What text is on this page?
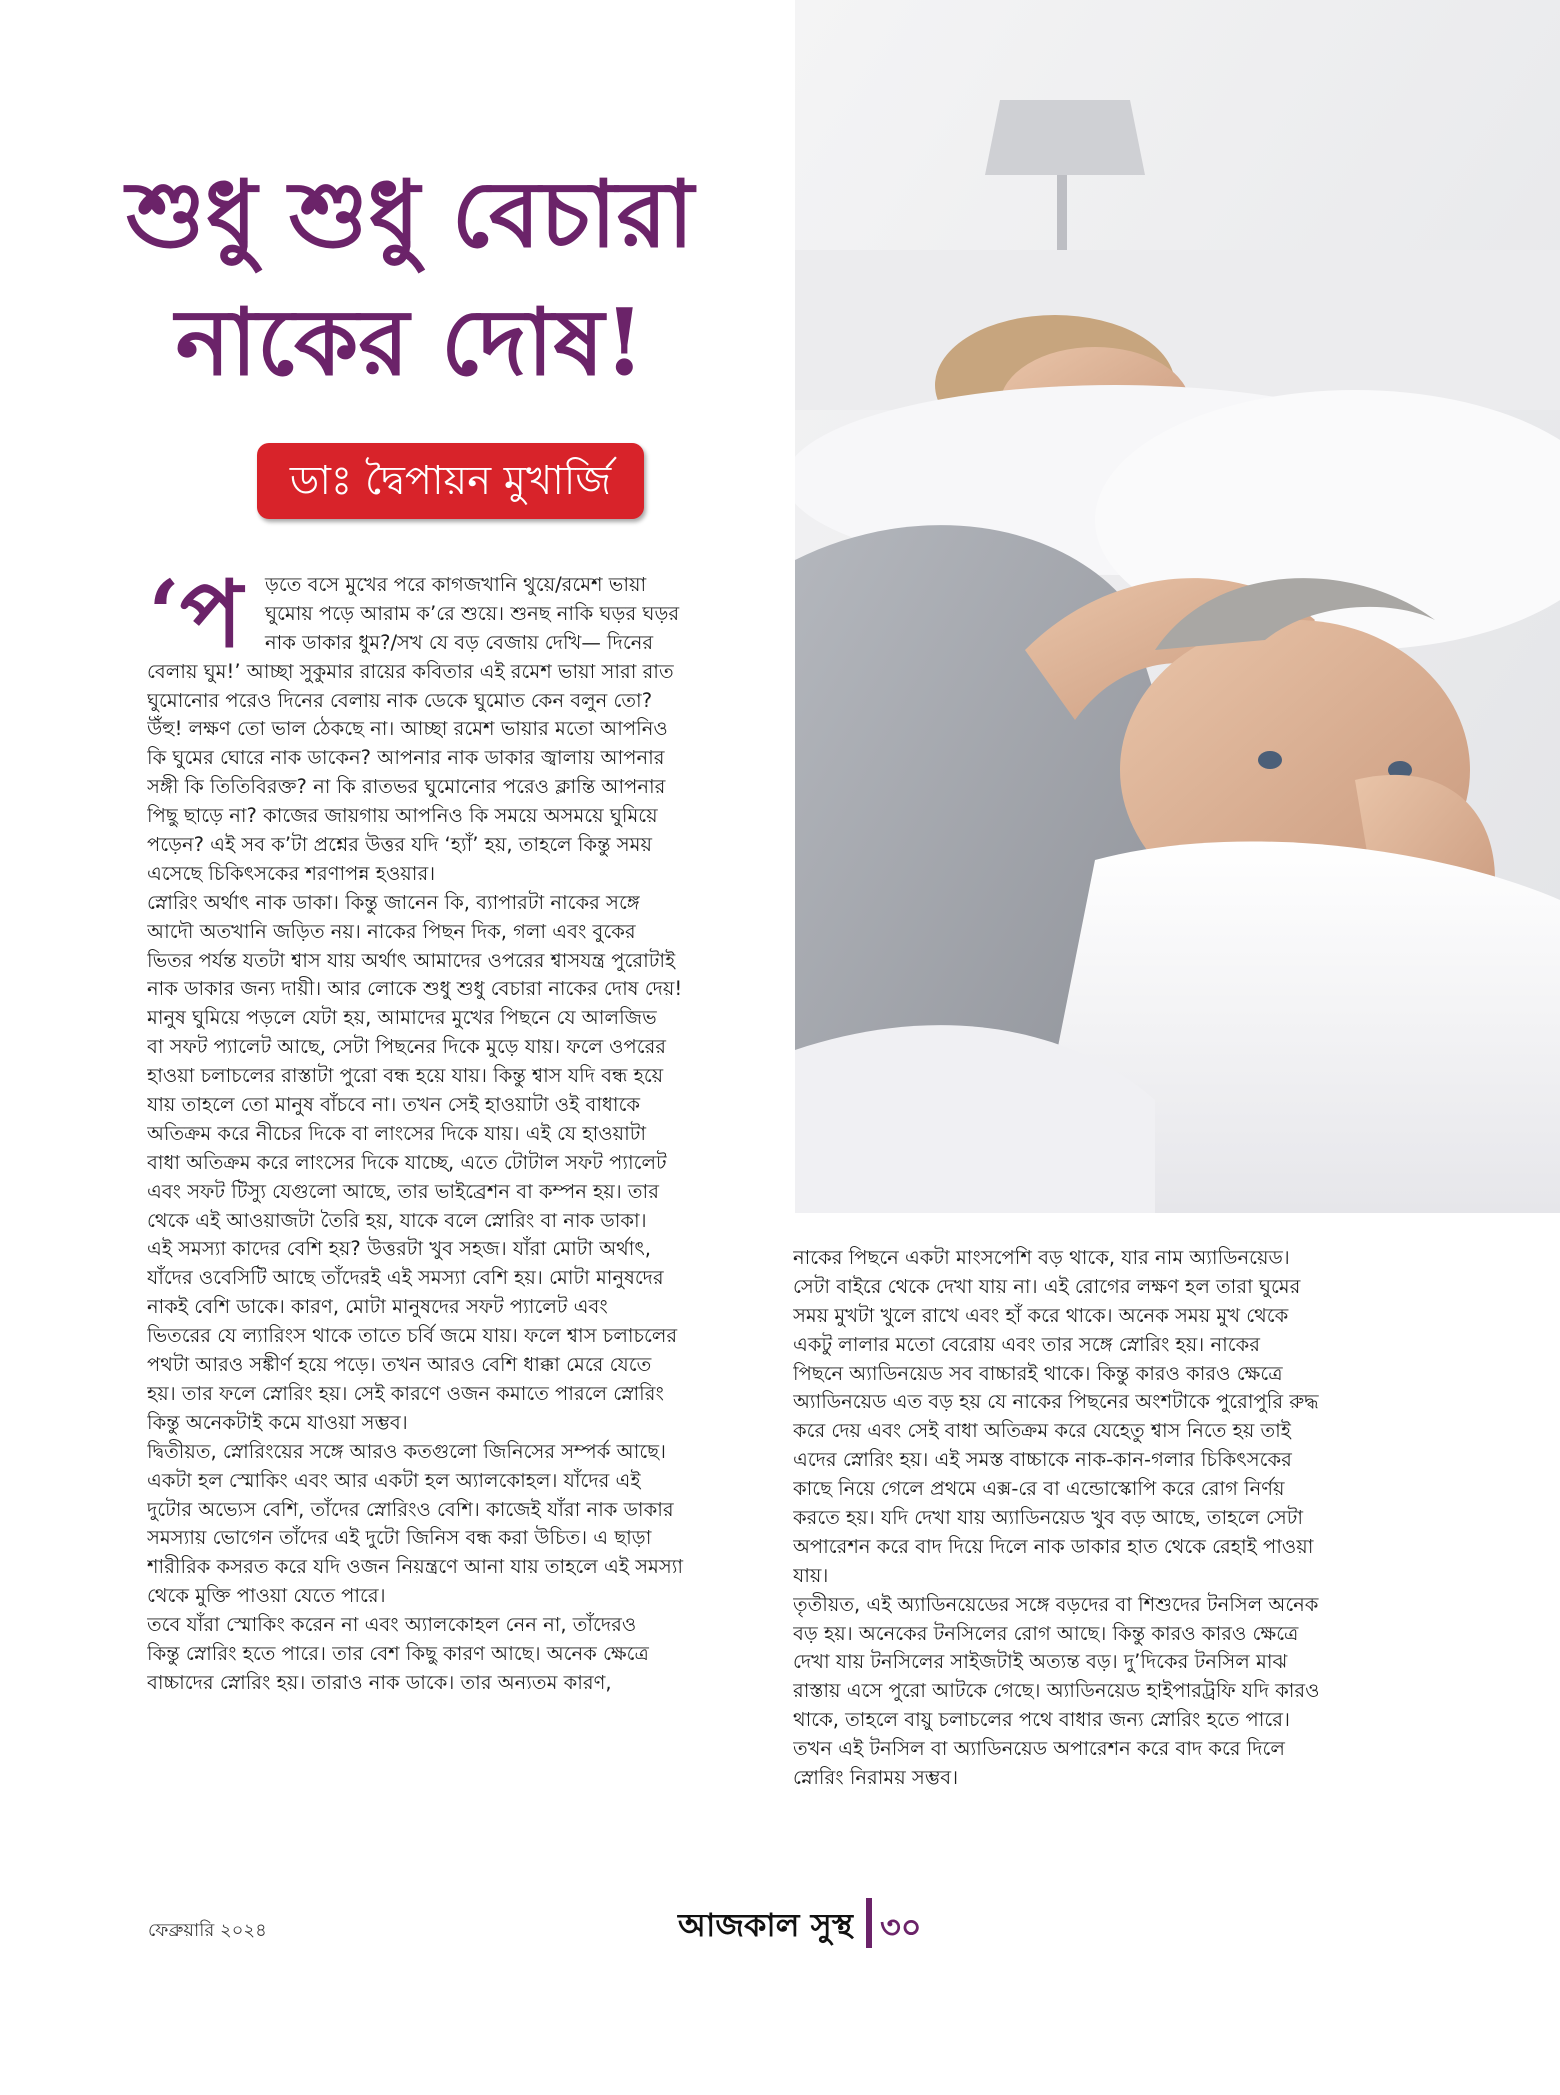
শুধু শুধু বেচারা
নাকের দোষ!
ডাঃ দ্বৈপায়ন মুখার্জি
‘প	ড়তে বসে মুখের পরে কাগজখানি থুয়ে/রমেশ ভায়া
ঘুমোয় পড়ে আরাম ক’রে শুয়ে। শুনছ নাকি ঘড়র ঘড়র
নাক ডাকার ধুম?/সখ যে বড় বেজায় দেখি— দিনের
বেলায় ঘুম!’ আচ্ছা সুকুমার রায়ের কবিতার এই রমেশ ভায়া সারা রাত
ঘুমোনোর পরেও দিনের বেলায় নাক ডেকে ঘুমোত কেন বলুন তো?
উঁহু! লক্ষণ তো ভাল ঠেকছে না। আচ্ছা রমেশ ভায়ার মতো আপনিও
কি ঘুমের ঘোরে নাক ডাকেন? আপনার নাক ডাকার জ্বালায় আপনার
সঙ্গী কি তিতিবিরক্ত? না কি রাতভর ঘুমোনোর পরেও ক্লান্তি আপনার
পিছু ছাড়ে না? কাজের জায়গায় আপনিও কি সময়ে অসময়ে ঘুমিয়ে
পড়েন? এই সব ক’টা প্রশ্নের উত্তর যদি ‘হ্যাঁ’ হয়, তাহলে কিন্তু সময়
এসেছে চিকিৎসকের শরণাপন্ন হওয়ার।
স্নোরিং অর্থাৎ নাক ডাকা। কিন্তু জানেন কি, ব্যাপারটা নাকের সঙ্গে
আদৌ অতখানি জড়িত নয়। নাকের পিছন দিক, গলা এবং বুকের
ভিতর পর্যন্ত যতটা শ্বাস যায় অর্থাৎ আমাদের ওপরের শ্বাসযন্ত্র পুরোটাই
নাক ডাকার জন্য দায়ী। আর লোকে শুধু শুধু বেচারা নাকের দোষ দেয়!
মানুষ ঘুমিয়ে পড়লে যেটা হয়, আমাদের মুখের পিছনে যে আলজিভ
বা সফট প্যালেট আছে, সেটা পিছনের দিকে মুড়ে যায়। ফলে ওপরের
হাওয়া চলাচলের রাস্তাটা পুরো বন্ধ হয়ে যায়। কিন্তু শ্বাস যদি বন্ধ হয়ে
যায় তাহলে তো মানুষ বাঁচবে না। তখন সেই হাওয়াটা ওই বাধাকে
অতিক্রম করে নীচের দিকে বা লাংসের দিকে যায়। এই যে হাওয়াটা
বাধা অতিক্রম করে লাংসের দিকে যাচ্ছে, এতে টোটাল সফট প্যালেট
এবং সফট টিস্যু যেগুলো আছে, তার ভাইব্রেশন বা কম্পন হয়। তার
থেকে এই আওয়াজটা তৈরি হয়, যাকে বলে স্নোরিং বা নাক ডাকা।
এই সমস্যা কাদের বেশি হয়? উত্তরটা খুব সহজ। যাঁরা মোটা অর্থাৎ,
যাঁদের ওবেসিটি আছে তাঁদেরই এই সমস্যা বেশি হয়। মোটা মানুষদের
নাকই বেশি ডাকে। কারণ, মোটা মানুষদের সফট প্যালেট এবং
ভিতরের যে ল্যারিংস থাকে তাতে চর্বি জমে যায়। ফলে শ্বাস চলাচলের
পথটা আরও সঙ্কীর্ণ হয়ে পড়ে। তখন আরও বেশি ধাক্কা মেরে যেতে
হয়। তার ফলে স্নোরিং হয়। সেই কারণে ওজন কমাতে পারলে স্নোরিং
কিন্তু অনেকটাই কমে যাওয়া সম্ভব।
দ্বিতীয়ত, স্নোরিংয়ের সঙ্গে আরও কতগুলো জিনিসের সম্পর্ক আছে।
একটা হল স্মোকিং এবং আর একটা হল অ্যালকোহল। যাঁদের এই
দুটোর অভ্যেস বেশি, তাঁদের স্নোরিংও বেশি। কাজেই যাঁরা নাক ডাকার
সমস্যায় ভোগেন তাঁদের এই দুটো জিনিস বন্ধ করা উচিত। এ ছাড়া
শারীরিক কসরত করে যদি ওজন নিয়ন্ত্রণে আনা যায় তাহলে এই সমস্যা
থেকে মুক্তি পাওয়া যেতে পারে।
তবে যাঁরা স্মোকিং করেন না এবং অ্যালকোহল নেন না, তাঁদেরও
কিন্তু স্নোরিং হতে পারে। তার বেশ কিছু কারণ আছে। অনেক ক্ষেত্রে
বাচ্চাদের স্নোরিং হয়। তারাও নাক ডাকে। তার অন্যতম কারণ,
নাকের পিছনে একটা মাংসপেশি বড় থাকে, যার নাম অ্যাডিনয়েড।
সেটা বাইরে থেকে দেখা যায় না। এই রোগের লক্ষণ হল তারা ঘুমের
সময় মুখটা খুলে রাখে এবং হাঁ করে থাকে। অনেক সময় মুখ থেকে
একটু লালার মতো বেরোয় এবং তার সঙ্গে স্নোরিং হয়। নাকের
পিছনে অ্যাডিনয়েড সব বাচ্চারই থাকে। কিন্তু কারও কারও ক্ষেত্রে
অ্যাডিনয়েড এত বড় হয় যে নাকের পিছনের অংশটাকে পুরোপুরি রুদ্ধ
করে দেয় এবং সেই বাধা অতিক্রম করে যেহেতু শ্বাস নিতে হয় তাই
এদের স্নোরিং হয়। এই সমস্ত বাচ্চাকে নাক-কান-গলার চিকিৎসকের
কাছে নিয়ে গেলে প্রথমে এক্স-রে বা এন্ডোস্কোপি করে রোগ নির্ণয়
করতে হয়। যদি দেখা যায় অ্যাডিনয়েড খুব বড় আছে, তাহলে সেটা
অপারেশন করে বাদ দিয়ে দিলে নাক ডাকার হাত থেকে রেহাই পাওয়া
যায়।
তৃতীয়ত, এই অ্যাডিনয়েডের সঙ্গে বড়দের বা শিশুদের টনসিল অনেক
বড় হয়। অনেকের টনসিলের রোগ আছে। কিন্তু কারও কারও ক্ষেত্রে
দেখা যায় টনসিলের সাইজটাই অত্যন্ত বড়। দু’দিকের টনসিল মাঝ
রাস্তায় এসে পুরো আটকে গেছে। অ্যাডিনয়েড হাইপারট্রফি যদি কারও
থাকে, তাহলে বায়ু চলাচলের পথে বাধার জন্য স্নোরিং হতে পারে।
তখন এই টনসিল বা অ্যাডিনয়েড অপারেশন করে বাদ করে দিলে
স্নোরিং নিরাময় সম্ভব।
ফেব্রুয়ারি ২০২৪	আজকাল সুস্থ ৩০
